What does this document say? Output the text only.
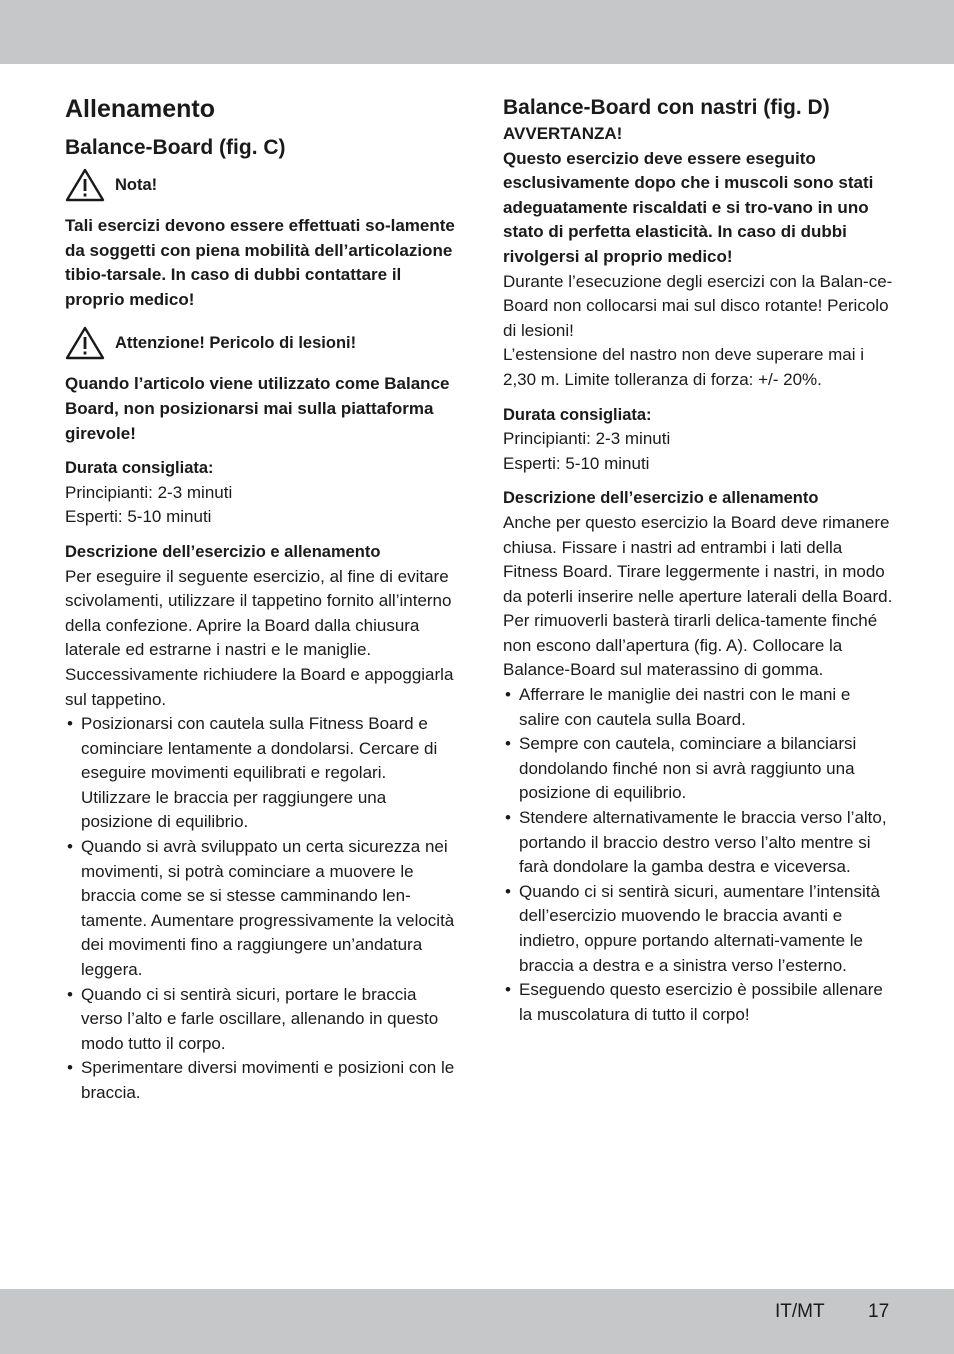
Allenamento
Balance-Board (fig. C)
Nota!

Tali esercizi devono essere effettuati so-lamente da soggetti con piena mobilità dell’articolazione tibio-tarsale. In caso di dubbi contattare il proprio medico!

Attenzione! Pericolo di lesioni!

Quando l’articolo viene utilizzato come Balance Board, non posizionarsi mai sulla piattaforma girevole!

Durata consigliata:

Principianti: 2-3 minuti

Esperti: 5-10 minuti

Descrizione dell’esercizio e allenamento

Per eseguire il seguente esercizio, al fine di evitare scivolamenti, utilizzare il tappetino fornito all’interno della confezione. Aprire la Board dalla chiusura laterale ed estrarne i nastri e le maniglie. Successivamente richiudere la Board e appoggiarla sul tappetino.

• Posizionarsi con cautela sulla Fitness Board e cominciare lentamente a dondolarsi. Cercare di eseguire movimenti equilibrati e regolari. Utilizzare le braccia per raggiungere una posizione di equilibrio.
• Quando si avrà sviluppato un certa sicurezza nei movimenti, si potrà cominciare a muovere le braccia come se si stesse camminando len-tamente. Aumentare progressivamente la velocità dei movimenti fino a raggiungere un’andatura leggera.
• Quando ci si sentirà sicuri, portare le braccia verso l’alto e farle oscillare, allenando in questo modo tutto il corpo.
• Sperimentare diversi movimenti e posizioni con le braccia.
Balance-Board con nastri (fig. D)

AVVERTANZA!

Questo esercizio deve essere eseguito esclusivamente dopo che i muscoli sono stati adeguatamente riscaldati e si tro-vano in uno stato di perfetta elasticità. In caso di dubbi rivolgersi al proprio medico!

Durante l’esecuzione degli esercizi con la Balan-ce-Board non collocarsi mai sul disco rotante! Pericolo di lesioni!

L’estensione del nastro non deve superare mai i 2,30 m. Limite tolleranza di forza: +/- 20%.

Durata consigliata:

Principianti: 2-3 minuti

Esperti: 5-10 minuti

Descrizione dell’esercizio e allenamento

Anche per questo esercizio la Board deve rimanere chiusa. Fissare i nastri ad entrambi i lati della Fitness Board. Tirare leggermente i nastri, in modo da poterli inserire nelle aperture laterali della Board. Per rimuoverli basterà tirarli delica-tamente finché non escono dall’apertura (fig. A). Collocare la Balance-Board sul materassino di gomma.

• Afferrare le maniglie dei nastri con le mani e salire con cautela sulla Board.
• Sempre con cautela, cominciare a bilanciarsi dondolando finché non si avrà raggiunto una posizione di equilibrio.
• Stendere alternativamente le braccia verso l’alto, portando il braccio destro verso l’alto mentre si farà dondolare la gamba destra e viceversa.
• Quando ci si sentirà sicuri, aumentare l’intensità dell’esercizio muovendo le braccia avanti e indietro, oppure portando alternati-vamente le braccia a destra e a sinistra verso l’esterno.
• Eseguendo questo esercizio è possibile allenare la muscolatura di tutto il corpo!
IT/MT 17
